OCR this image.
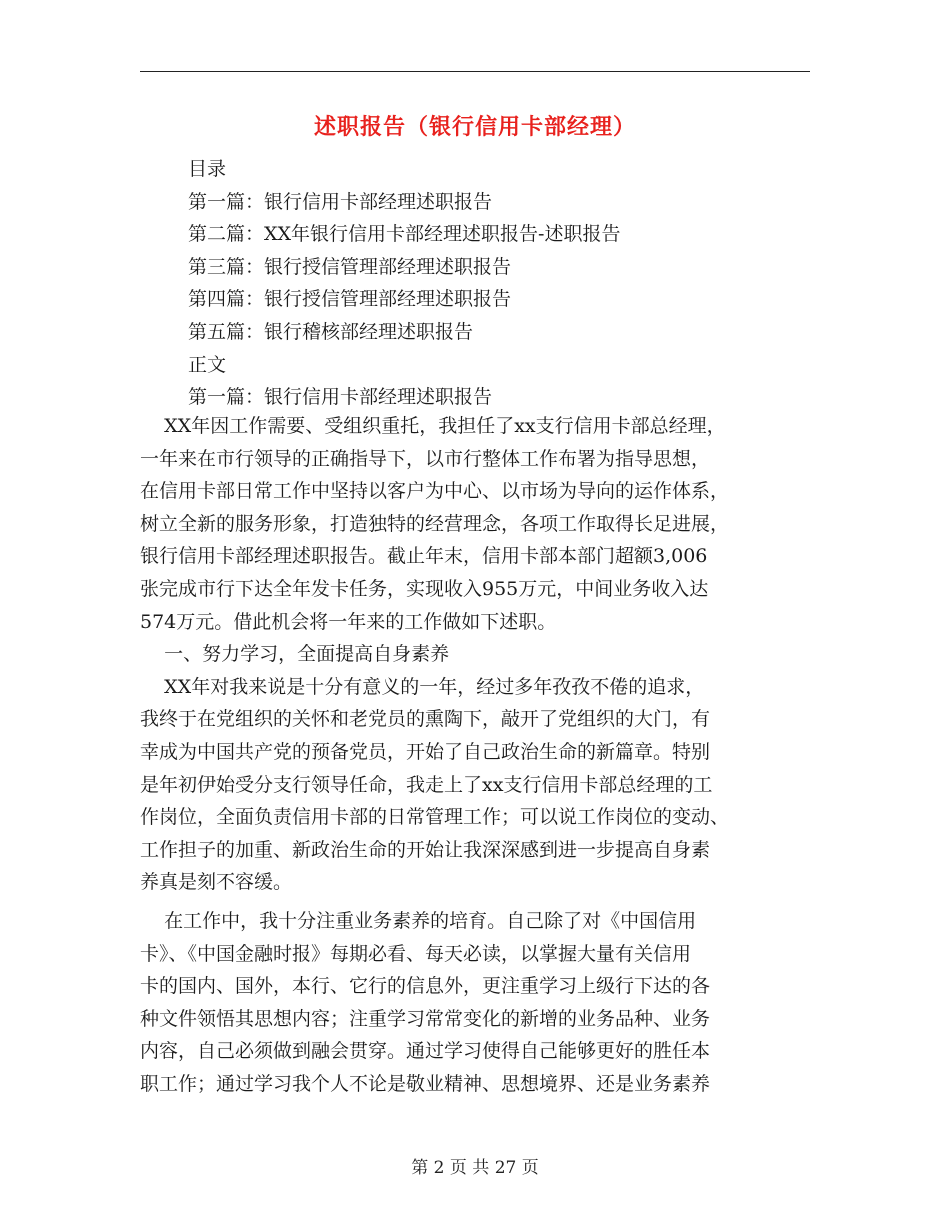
述职报告（银行信用卡部经理）
目录
第一篇：银行信用卡部经理述职报告
第二篇：XX年银行信用卡部经理述职报告-述职报告
第三篇：银行授信管理部经理述职报告
第四篇：银行授信管理部经理述职报告
第五篇：银行稽核部经理述职报告
正文
第一篇：银行信用卡部经理述职报告
XX年因工作需要、受组织重托，我担任了xx支行信用卡部总经理，
一年来在市行领导的正确指导下，以市行整体工作布署为指导思想，
在信用卡部日常工作中坚持以客户为中心、以市场为导向的运作体系，
树立全新的服务形象，打造独特的经营理念，各项工作取得长足进展，
银行信用卡部经理述职报告。截止年末，信用卡部本部门超额3,006
张完成市行下达全年发卡任务，实现收入955万元，中间业务收入达
574万元。借此机会将一年来的工作做如下述职。
一、努力学习，全面提高自身素养
XX年对我来说是十分有意义的一年，经过多年孜孜不倦的追求，
我终于在党组织的关怀和老党员的熏陶下，敲开了党组织的大门，有
幸成为中国共产党的预备党员，开始了自己政治生命的新篇章。特别
是年初伊始受分支行领导任命，我走上了xx支行信用卡部总经理的工
作岗位，全面负责信用卡部的日常管理工作；可以说工作岗位的变动、
工作担子的加重、新政治生命的开始让我深深感到进一步提高自身素
养真是刻不容缓。
在工作中，我十分注重业务素养的培育。自己除了对《中国信用
卡》、《中国金融时报》每期必看、每天必读，以掌握大量有关信用
卡的国内、国外，本行、它行的信息外，更注重学习上级行下达的各
种文件领悟其思想内容；注重学习常常变化的新增的业务品种、业务
内容，自己必须做到融会贯穿。通过学习使得自己能够更好的胜任本
职工作；通过学习我个人不论是敬业精神、思想境界、还是业务素养
第 2 页 共 27 页
